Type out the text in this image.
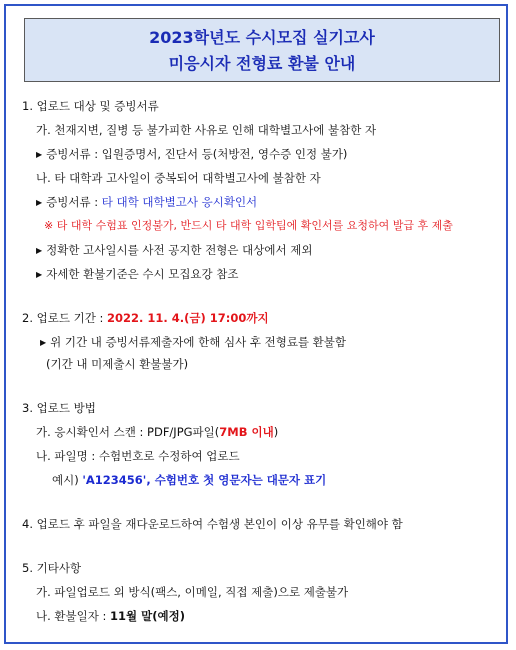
2023학년도 수시모집 실기고사
미응시자 전형료 환불 안내
1. 업로드 대상 및 증빙서류
가. 천재지변, 질병 등 불가피한 사유로 인해 대학별고사에 불참한 자
▶ 증빙서류 : 입원증명서, 진단서 등(처방전, 영수증 인정 불가)
나. 타 대학과 고사일이 중복되어 대학별고사에 불참한 자
▶ 증빙서류 : 타 대학 대학별고사 응시확인서
※ 타 대학 수험표 인정불가, 반드시 타 대학 입학팀에 확인서를 요청하여 발급 후 제출
▶ 정확한 고사일시를 사전 공지한 전형은 대상에서 제외
▶ 자세한 환불기준은 수시 모집요강 참조
2. 업로드 기간 : 2022. 11. 4.(금) 17:00까지
▶ 위 기간 내 증빙서류제출자에 한해 심사 후 전형료를 환불함
(기간 내 미제출시 환불불가)
3. 업로드 방법
가. 응시확인서 스캔 : PDF/JPG파일(7MB 이내)
나. 파일명 : 수험번호로 수정하여 업로드
예시) 'A123456', 수험번호 첫 영문자는 대문자 표기
4. 업로드 후 파일을 재다운로드하여 수험생 본인이 이상 유무를 확인해야 함
5. 기타사항
가. 파일업로드 외 방식(팩스, 이메일, 직접 제출)으로 제출불가
나. 환불일자 : 11월 말(예정)
